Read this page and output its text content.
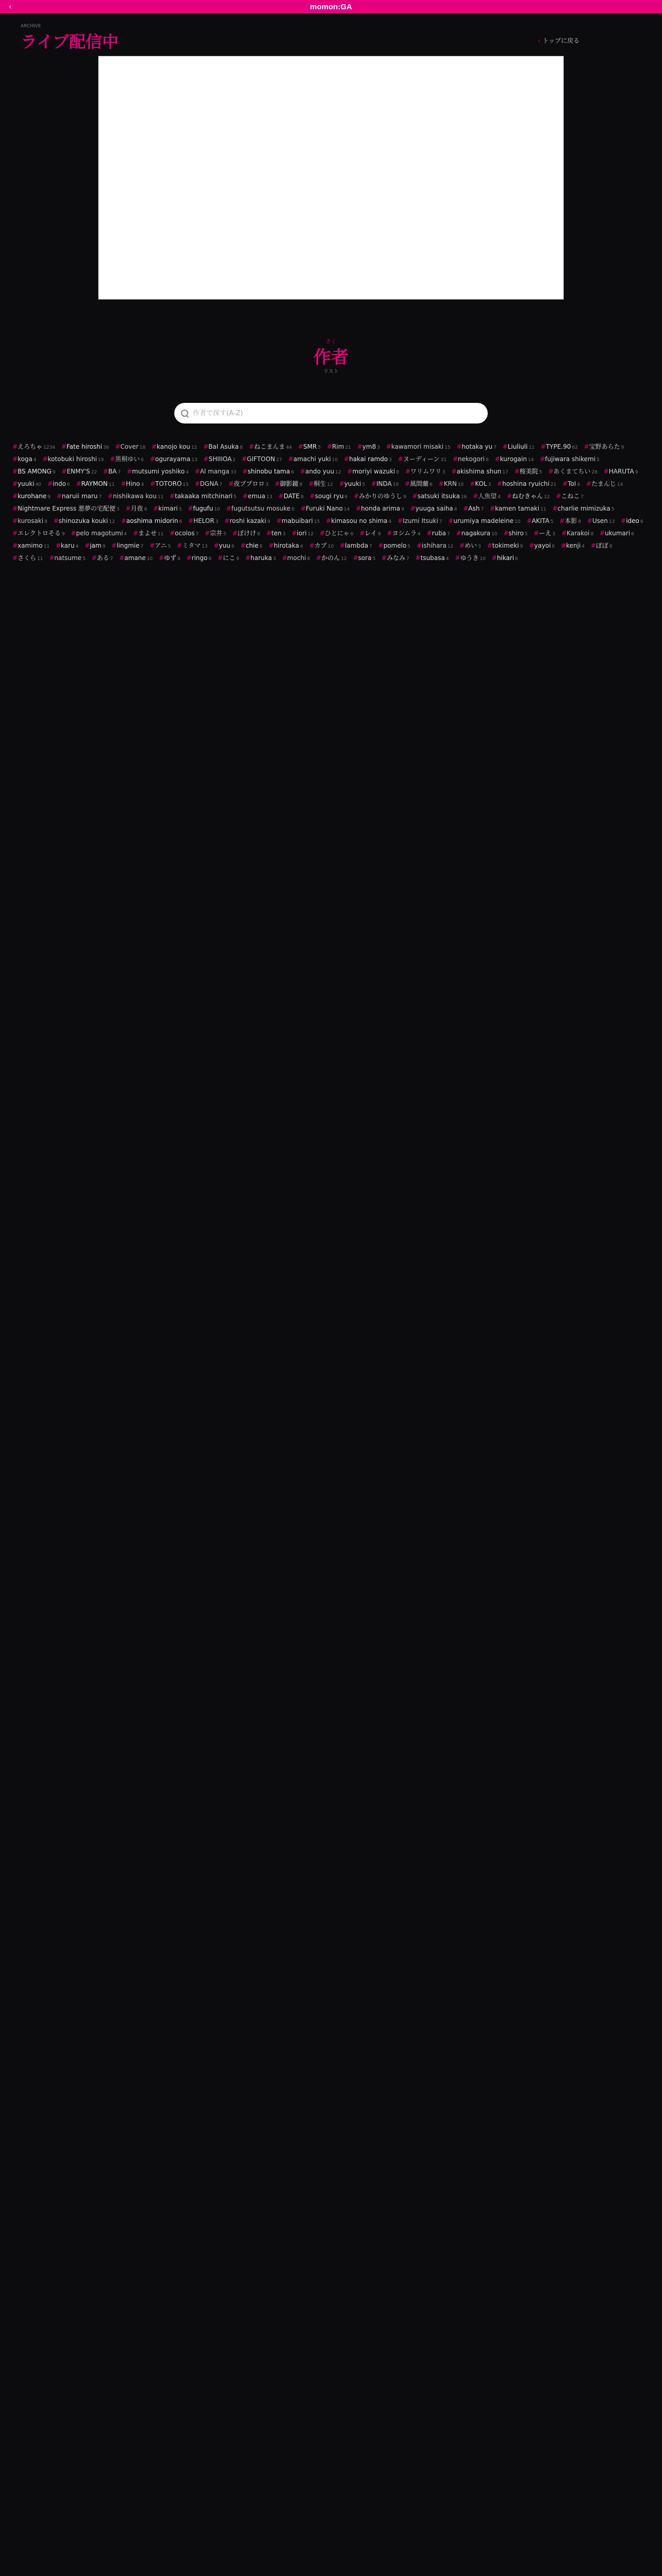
‹	momon:GA
ARCHIVE
ライブ配信中	‹ トップに戻る
さく
作者
リスト
作者で探す(A-Z)
#えろちゃ 1234 #Fate hiroshi 36 #Cover 18 #kanojo kou 12 #Bal Asuka 8 #ねこまんま 44 #SMR 5 #Rim 21 #ym8 3 #kawamori misaki 15 #hotaka yu 7 #Liuliuli 11 #TYPE.90 62 #宝野あらた 9 #koga 4 #kotobuki hiroshi 19 #黒桐ゆい 6 #ogurayama 13 #SHIIIOA 2 #GIFTOON 27 #amachi yuki 10 #hakai ramdo 3 #ヌーディーン 31 #nekogori 8 #kurogain 14 #fujiwara shikemi 5 #BS AMONG 9 #ENMY'S 22 #BA 7 #mutsumi yoshiko 4 #Al manga 33 #shinobu tama 6 #ando yuu 12 #moriyi wazuki 8 #ワリムワリ 3 #akishima shun 17 #桜美院 5 #あくまてちい 28 #HARUTA 9 #yuuki 40 #indo 6 #RAYMON 11 #Hino 4 #TOTORO 15 #DGNA 7 #夜ブプロロ 3 #御影鏡 8 #桐生 12 #yuuki 5 #INDA 19 #風間蘭 6 #KRN 10 #KOL 3 #hoshina ryuichi 21 #ToI 4 #たまんじ 14 #kurohane 9 #naruii maru 7 #nishikawa kou 11 #takaaka mitchinari 5 #emua 13 #DATE 8 #sougi ryu 6 #みかりのゆうし 9 #satsuki itsuka 16 #人魚望 4 #ねむきゃん 12 #こねこ 7 #Nightmare Express 悪夢の宅配便 3 #月夜 8 #kimari 5 #fugufu 10 #fugutsutsu mosuke 6 #Furuki Nano 14 #honda arima 9 #yuuga saiha 4 #Ash 7 #kamen tamaki 11 #charlie mimizuka 5 #kurosaki 8 #shinozuka kouki 12 #aoshima midorin 6 #HELOR 3 #roshi kazaki 9 #mabuibari 15 #kimasou no shima 4 #Izumi Itsuki 7 #urumiya madeleine 10 #AKITA 5 #本影 8 #Usen 13 #ideo 6 #エレクトロそる 9 #pelo magotumi 4 #まよせ 11 #ocolos 7 #宗井 5 #ぽけけ 8 #ten 3 #iori 12 #ひとにゃ 6 #レイ 9 #ヨシムラ 4 #ruba 7 #nagakura 10 #shiro 5 #ーえ 3 #Karakoi 8 #ukumari 6 #xamimo 11 #karu 4 #jam 9 #lingmie 7 #アニ 5 #ミタマ 13 #yuu 6 #chie 8 #hirotaka 4 #カプ 10 #lambda 7 #pomelo 5 #ishihara 12 #めい 3 #tokimeki 9 #yayoi 6 #kenji 4 #ぽぽ 8 #さくら 11 #natsume 5 #ある 7 #amane 10 #ゆず 4 #ringo 6 #にこ 9 #haruka 3 #mochi 8 #かのん 12 #sora 5 #みなみ 7 #tsubasa 4 #ゆうき 10 #hikari 6
